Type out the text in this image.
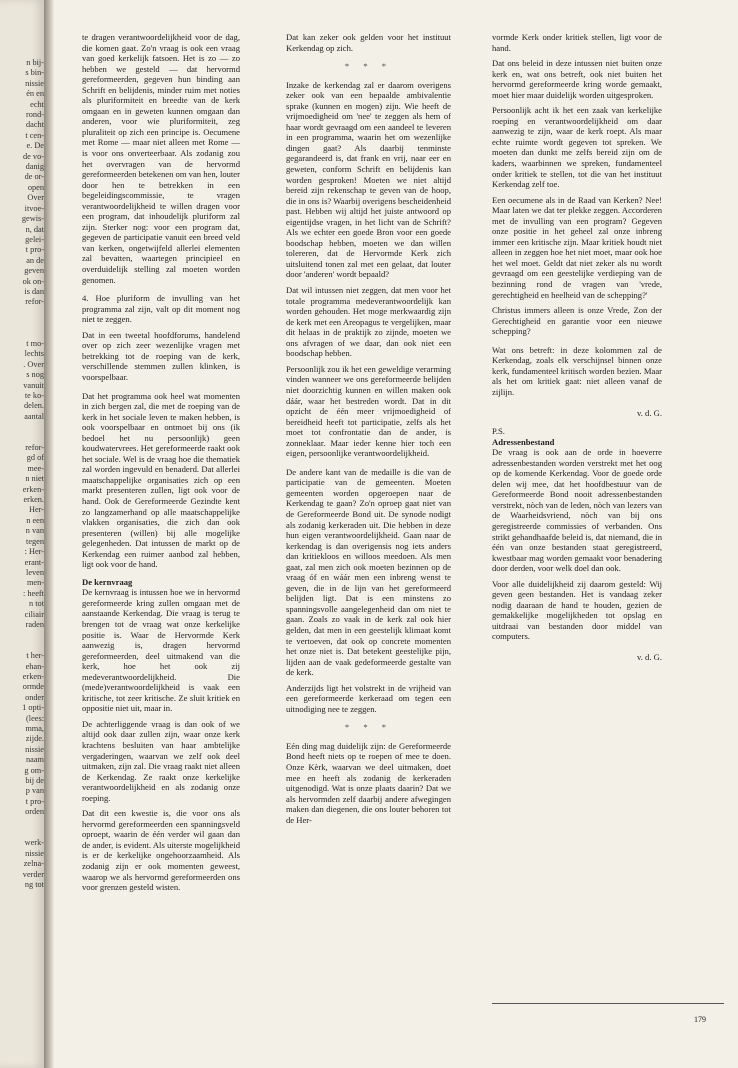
n bij-
s bin-
nissie
én en
echt
rond-
dacht
t cen-
e. De
de vo-
danig
de or-
open
Over
itvoe-
gewis-
n, dat
gelei-
t pro-
an de
geven
ok on-
is dan
refor-

t mo-
lechts
. Over
s nog
vanuit
te ko-
delen.
aantal

refor-
gd of
mee-
n niet
erken-
erken.
Her-
n een
n van
tegen
: Her-
erant-
leven
men-
: heeft
n tot
ciliair
raden

t her-
ehan-
erken-
ormde
onder
1 opti-
(lees:
mma,
zijde.
nissie
naam
g om-
bij de
p van
t pro-
orden

werk-
nissie
zelna-
verder
ng tot

te dragen verantwoordelijkheid voor de dag, die komen gaat. Zo'n vraag is ook een vraag van goed kerkelijk fatsoen. Het is zo — zo hebben we gesteld — dat hervormd gereformeerden, gegeven hun binding aan Schrift en belijdenis, minder ruim met noties als pluriformiteit en breedte van de kerk omgaan en in geweten kunnen omgaan dan anderen, voor wie pluriformiteit, zeg pluraliteit op zich een principe is. Oecumene met Rome — maar niet alleen met Rome — is voor ons onverteerbaar. Als zodanig zou het overvragen van de hervormd gereformeerden betekenen om van hen, louter door hen te betrekken in een begeleidingscommissie, te vragen verantwoordelijkheid te willen dragen voor een program, dat inhoudelijk pluriform zal zijn. Sterker nog: voor een program dat, gegeven de participatie vanuit een breed veld van kerken, ongetwijfeld allerlei elementen zal bevatten, waartegen principieel en overduidelijk stelling zal moeten worden genomen.

4. Hoe pluriform de invulling van het programma zal zijn, valt op dit moment nog niet te zeggen.

Dat in een tweetal hoofdforums, handelend over op zich zeer wezenlijke vragen met betrekking tot de roeping van de kerk, verschillende stemmen zullen klinken, is voorspelbaar.

Dat het programma ook heel wat momenten in zich bergen zal, die met de roeping van de kerk in het sociale leven te maken hebben, is ook voorspelbaar en ontmoet bij ons (ik bedoel het nu persoonlijk) geen koudwatervrees. Het gereformeerde raakt ook het sociale. Wel is de vraag hoe die thematiek zal worden ingevuld en benaderd. Dat allerlei maatschappelijke organisaties zich op een markt presenteren zullen, ligt ook voor de hand. Ook de Gereformeerde Gezindte kent zo langzamerhand op alle maatschappelijke vlakken organisaties, die zich dan ook presenteren (willen) bij alle mogelijke gelegenheden. Dat intussen de markt op de Kerkendag een ruimer aanbod zal hebben, ligt ook voor de hand.

De kernvraag

De kernvraag is intussen hoe we in hervormd gereformeerde kring zullen omgaan met de aanstaande Kerkendag. Die vraag is terug te brengen tot de vraag wat onze kerkelijke positie is. Waar de Hervormde Kerk aanwezig is, dragen hervormd gereformeerden, deel uitmakend van die kerk, hoe het ook zij medeverantwoordelijkheid. Die (mede)verantwoordelijkheid is vaak een kritische, tot zeer kritische. Ze sluit kritiek en oppositie niet uit, maar in.

De achterliggende vraag is dan ook of we altijd ook daar zullen zijn, waar onze kerk krachtens besluiten van haar ambtelijke vergaderingen, waarvan we zelf ook deel uitmaken, zijn zal. Die vraag raakt niet alleen de Kerkendag. Ze raakt onze kerkelijke verantwoordelijkheid en als zodanig onze roeping.

Dat dit een kwestie is, die voor ons als hervormd gereformeerden een spanningsveld oproept, waarin de één verder wil gaan dan de ander, is evident. Als uiterste mogelijkheid is er de kerkelijke ongehoorzaamheid. Als zodanig zijn er ook momenten geweest, waarop we als hervormd gereformeerden ons voor grenzen gesteld wisten.

Dat kan zeker ook gelden voor het instituut Kerkendag op zich.

* * *

Inzake de kerkendag zal er daarom overigens zeker ook van een bepaalde ambivalentie sprake (kunnen en mogen) zijn. Wie heeft de vrijmoedigheid om 'nee' te zeggen als hem of haar wordt gevraagd om een aandeel te leveren in een programma, waarin het om wezenlijke dingen gaat? Als daarbij tenminste gegarandeerd is, dat frank en vrij, naar eer en geweten, conform Schrift en belijdenis kan worden gesproken! Moeten we niet altijd bereid zijn rekenschap te geven van de hoop, die in ons is? Waarbij overigens bescheidenheid past. Hebben wij altijd het juiste antwoord op eigentijdse vragen, in het licht van de Schrift? Als we echter een goede Bron voor een goede boodschap hebben, moeten we dan willen tolereren, dat de Hervormde Kerk zich uitsluitend tonen zal met een gelaat, dat louter door 'anderen' wordt bepaald?

Dat wil intussen niet zeggen, dat men voor het totale programma medeverantwoordelijk kan worden gehouden. Het moge merkwaardig zijn de kerk met een Areopagus te vergelijken, maar dit helaas in de praktijk zo zijnde, moeten we ons afvragen of we daar, dan ook niet een boodschap hebben.

Persoonlijk zou ik het een geweldige verarming vinden wanneer we ons gereformeerde belijden niet doorzichtig kunnen en willen maken ook dáár, waar het bestreden wordt. Dat in dit opzicht de één meer vrijmoedigheid of bereidheid heeft tot participatie, zelfs als het moet tot confrontatie dan de ander, is zonneklaar. Maar ieder kenne hier toch een eigen, persoonlijke verantwoordelijkheid.

De andere kant van de medaille is die van de participatie van de gemeenten. Moeten gemeenten worden opgeroepen naar de Kerkendag te gaan? Zo'n oproep gaat niet van de Gereformeerde Bond uit. De synode nodigt als zodanig kerkeraden uit. Die hebben in deze hun eigen verantwoordelijkheid. Gaan naar de kerkendag is dan overigensis nog iets anders dan kritiekloos en willoos meedoen. Als men gaat, zal men zich ook moeten bezinnen op de vraag óf en wáár men een inbreng wenst te geven, die in de lijn van het gereformeerd belijden ligt. Dat is een minstens zo spanningsvolle aangelegenheid dan om niet te gaan. Zoals zo vaak in de kerk zal ook hier gelden, dat men in een geestelijk klimaat komt te vertoeven, dat ook op concrete momenten het onze niet is. Dat betekent geestelijke pijn, lijden aan de vaak gedeformeerde gestalte van de kerk.

Anderzijds ligt het volstrekt in de vrijheid van een gereformeerde kerkeraad om tegen een uitnodiging nee te zeggen.

* * *

Eén ding mag duidelijk zijn: de Gereformeerde Bond heeft niets op te roepen of mee te doen. Onze Kèrk, waarvan we deel uitmaken, doet mee en heeft als zodanig de kerkeraden uitgenodigd. Wat is onze plaats daarin? Dat we als hervormden zelf daarbij andere afwegingen maken dan diegenen, die ons louter behoren tot de Her-

vormde Kerk onder kritiek stellen, ligt voor de hand.

Dat ons beleid in deze intussen niet buiten onze kerk en, wat ons betreft, ook niet buiten het hervormd gereformeerde kring worde gemaakt, moet hier maar duidelijk worden uitgesproken.

Persoonlijk acht ik het een zaak van kerkelijke roeping en verantwoordelijkheid om daar aanwezig te zijn, waar de kerk roept. Als maar echte ruimte wordt gegeven tot spreken. We moeten dan dunkt me zelfs bereid zijn om de kaders, waarbinnen we spreken, fundamenteel onder kritiek te stellen, tot die van het instituut Kerkendag zelf toe.

Een oecumene als in de Raad van Kerken? Nee! Maar laten we dat ter plekke zeggen. Accorderen met de invulling van een program? Gegeven onze positie in het geheel zal onze inbreng immer een kritische zijn. Maar kritiek houdt niet alleen in zeggen hoe het niet moet, maar ook hoe het wel moet. Geldt dat niet zeker als nu wordt gevraagd om een geestelijke verdieping van de bezinning rond de vragen van 'vrede, gerechtigheid en heelheid van de schepping?'

Christus immers alleen is onze Vrede, Zon der Gerechtigheid en garantie voor een nieuwe schepping?

Wat ons betreft: in deze kolommen zal de Kerkendag, zoals elk verschijnsel binnen onze kerk, fundamenteel kritisch worden bezien. Maar als het om kritiek gaat: niet alleen vanaf de zijlijn.

v. d. G.
P.S.
Adressenbestand

De vraag is ook aan de orde in hoeverre adressenbestanden worden verstrekt met het oog op de komende Kerkendag. Voor de goede orde delen wij mee, dat het hoofdbestuur van de Gereformeerde Bond nooit adressenbestanden verstrekt, nòch van de leden, nòch van lezers van de Waarheidsvriend, nòch van bij ons geregistreerde commissies of verbanden. Ons strikt gehandhaafde beleid is, dat niemand, die in één van onze bestanden staat geregistreerd, kwestbaar mag worden gemaakt voor benadering door derden, voor welk doel dan ook.

Voor alle duidelijkheid zij daarom gesteld: Wij geven geen bestanden. Het is vandaag zeker nodig daaraan de hand te houden, gezien de gemakkelijke mogelijkheden tot opslag en uitdraai van bestanden door middel van computers.

v. d. G.
179
